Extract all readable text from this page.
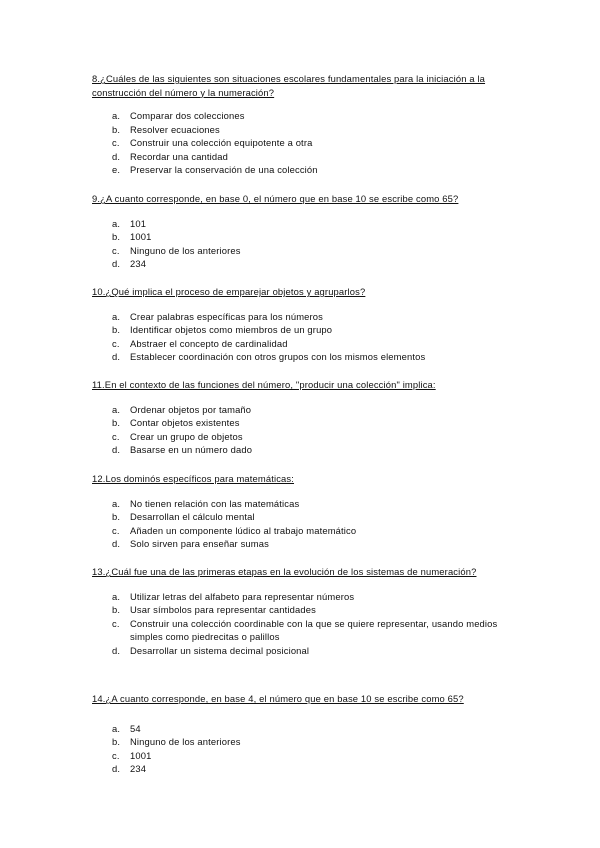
8.¿Cuáles de las siguientes son situaciones escolares fundamentales para la iniciación a la construcción del número y la numeración?

a.	Comparar dos colecciones
b.	Resolver ecuaciones
c.	Construir una colección equipotente a otra
d.	Recordar una cantidad
e.	Preservar la conservación de una colección

9.¿A cuanto corresponde, en base 0, el número que en base 10 se escribe como 65?

a.	101
b.	1001
c.	Ninguno de los anteriores
d.	234

10.¿Qué implica el proceso de emparejar objetos y agruparlos?

a.	Crear palabras específicas para los números
b.	Identificar objetos como miembros de un grupo
c.	Abstraer el concepto de cardinalidad
d.	Establecer coordinación con otros grupos con los mismos elementos

11.En el contexto de las funciones del número, "producir una colección" implica:

a.	Ordenar objetos por tamaño
b.	Contar objetos existentes
c.	Crear un grupo de objetos
d.	Basarse en un número dado

12.Los dominós específicos para matemáticas:

a.	No tienen relación con las matemáticas
b.	Desarrollan el cálculo mental
c.	Añaden un componente lúdico al trabajo matemático
d.	Solo sirven para enseñar sumas

13.¿Cuál fue una de las primeras etapas en la evolución de los sistemas de numeración?

a.	Utilizar letras del alfabeto para representar números
b.	Usar símbolos para representar cantidades
c.	Construir una colección coordinable con la que se quiere representar, usando medios simples como piedrecitas o palillos
d.	Desarrollar un sistema decimal posicional

14.¿A cuanto corresponde, en base 4, el número que en base 10 se escribe como 65?

a.	54
b.	Ninguno de los anteriores
c.	1001
d.	234
